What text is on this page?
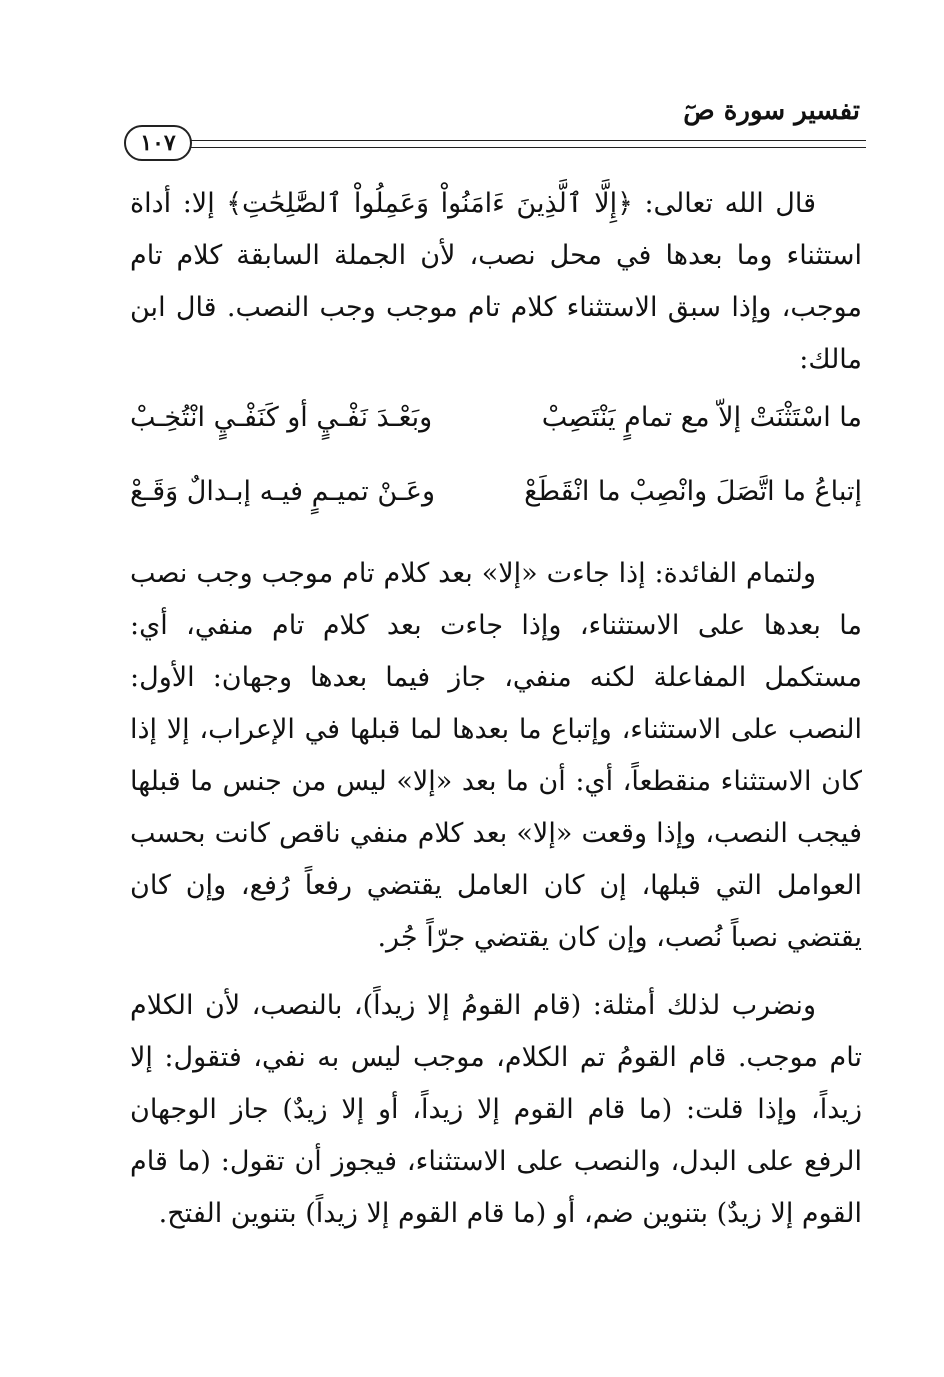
تفسير سورة صٓ
١٠٧
قال الله تعالى: ﴿إِلَّا ٱلَّذِينَ ءَامَنُواْ وَعَمِلُواْ ٱلصَّٰلِحَٰتِ﴾ إلا: أداة استثناء وما بعدها في محل نصب، لأن الجملة السابقة كلام تام موجب، وإذا سبق الاستثناء كلام تام موجب وجب النصب. قال ابن مالك:
ما اسْتَثْنَتْ إلاّ مع تمامٍ يَنْتَصِبْ
وبَعْـدَ نَفْـيٍ أو كَنَفْـيٍ انْتُخِـبْ
إتباعُ ما اتَّصَلَ وانْصِبْ ما انْقَطَعْ
وعَـنْ تميـمٍ فيـه إبـدالٌ وَقَـعْ
ولتمام الفائدة: إذا جاءت «إلا» بعد كلام تام موجب وجب نصب ما بعدها على الاستثناء، وإذا جاءت بعد كلام تام منفي، أي: مستكمل المفاعلة لكنه منفي، جاز فيما بعدها وجهان: الأول: النصب على الاستثناء، وإتباع ما بعدها لما قبلها في الإعراب، إلا إذا كان الاستثناء منقطعاً، أي: أن ما بعد «إلا» ليس من جنس ما قبلها فيجب النصب، وإذا وقعت «إلا» بعد كلام منفي ناقص كانت بحسب العوامل التي قبلها، إن كان العامل يقتضي رفعاً رُفع، وإن كان يقتضي نصباً نُصب، وإن كان يقتضي جرّاً جُر.
ونضرب لذلك أمثلة: (قام القومُ إلا زيداً)، بالنصب، لأن الكلام تام موجب. قام القومُ تم الكلام، موجب ليس به نفي، فتقول: إلا زيداً، وإذا قلت: (ما قام القوم إلا زيداً، أو إلا زيدٌ) جاز الوجهان الرفع على البدل، والنصب على الاستثناء، فيجوز أن تقول: (ما قام القوم إلا زيدٌ) بتنوين ضم، أو (ما قام القوم إلا زيداً) بتنوين الفتح.
